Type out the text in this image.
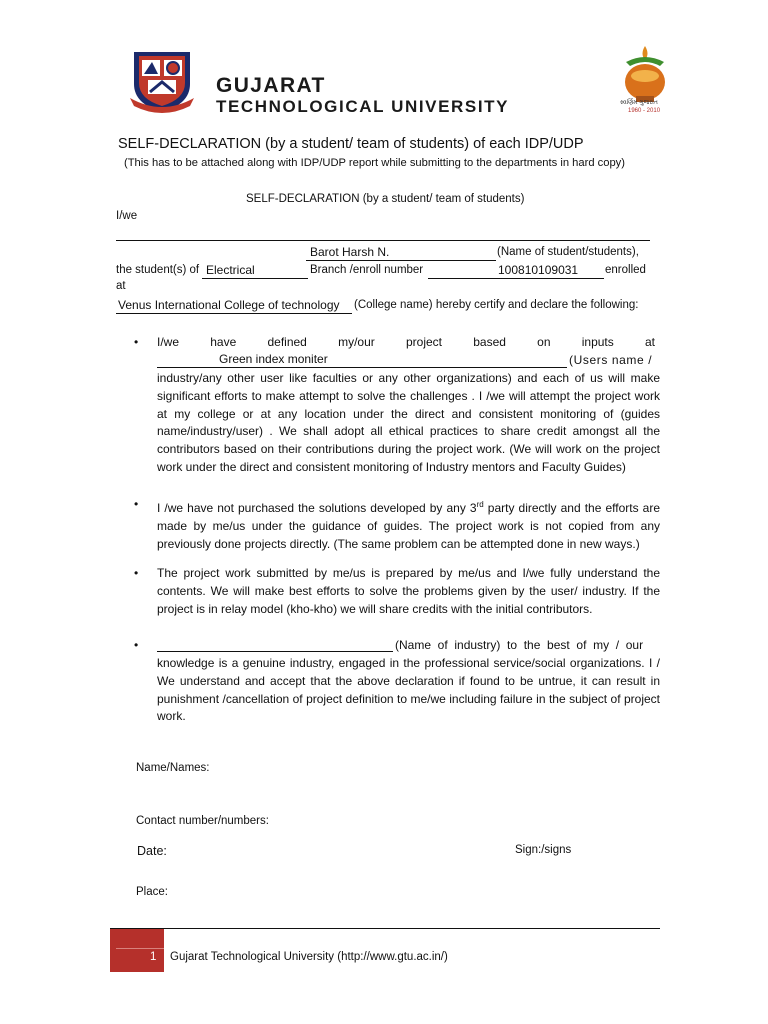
GUJARAT
TECHNOLOGICAL UNIVERSITY	સ્વર્ણિમ ગુજરાત
1960 - 2010
SELF-DECLARATION (by a student/ team of students) of each IDP/UDP
(This has to be attached along with IDP/UDP report while submitting to the departments in hard copy)
SELF-DECLARATION (by a student/ team of students)
I/we
Barot Harsh N.	(Name of student/students),
the student(s) of Electrical	Branch /enroll number	100810109031	enrolled
at
Venus International College of technology	(College name) hereby certify and declare the following:
• I/we	have	defined	my/our	project	based	on	inputs	at
Green index moniter	(Users name /
industry/any other user like faculties or any other organizations) and each of us will make significant efforts to make attempt to solve the challenges . I /we will attempt the project work at my college or at any location under the direct and consistent monitoring of (guides name/industry/user) . We shall adopt all ethical practices to share credit amongst all the contributors based on their contributions during the project work. (We will work on the project work under the direct and consistent monitoring of Industry mentors and Faculty Guides)
• I /we have not purchased the solutions developed by any 3rd party directly and the efforts are made by me/us under the guidance of guides. The project work is not copied from any previously done projects directly. (The same problem can be attempted done in new ways.)
• The project work submitted by me/us is prepared by me/us and I/we fully understand the contents. We will make best efforts to solve the problems given by the user/ industry. If the project is in relay model (kho-kho) we will share credits with the initial contributors.
•	(Name  of  industry)  to  the  best  of  my  /  our
knowledge is a genuine industry, engaged in the professional service/social organizations. I / We understand and accept that the above declaration if found to be untrue, it can result in punishment /cancellation of project definition to me/we including failure in the subject of project work.
Name/Names:
Contact number/numbers:
Date:	Sign:/signs
Place:
1 Gujarat Technological University (http://www.gtu.ac.in/)
